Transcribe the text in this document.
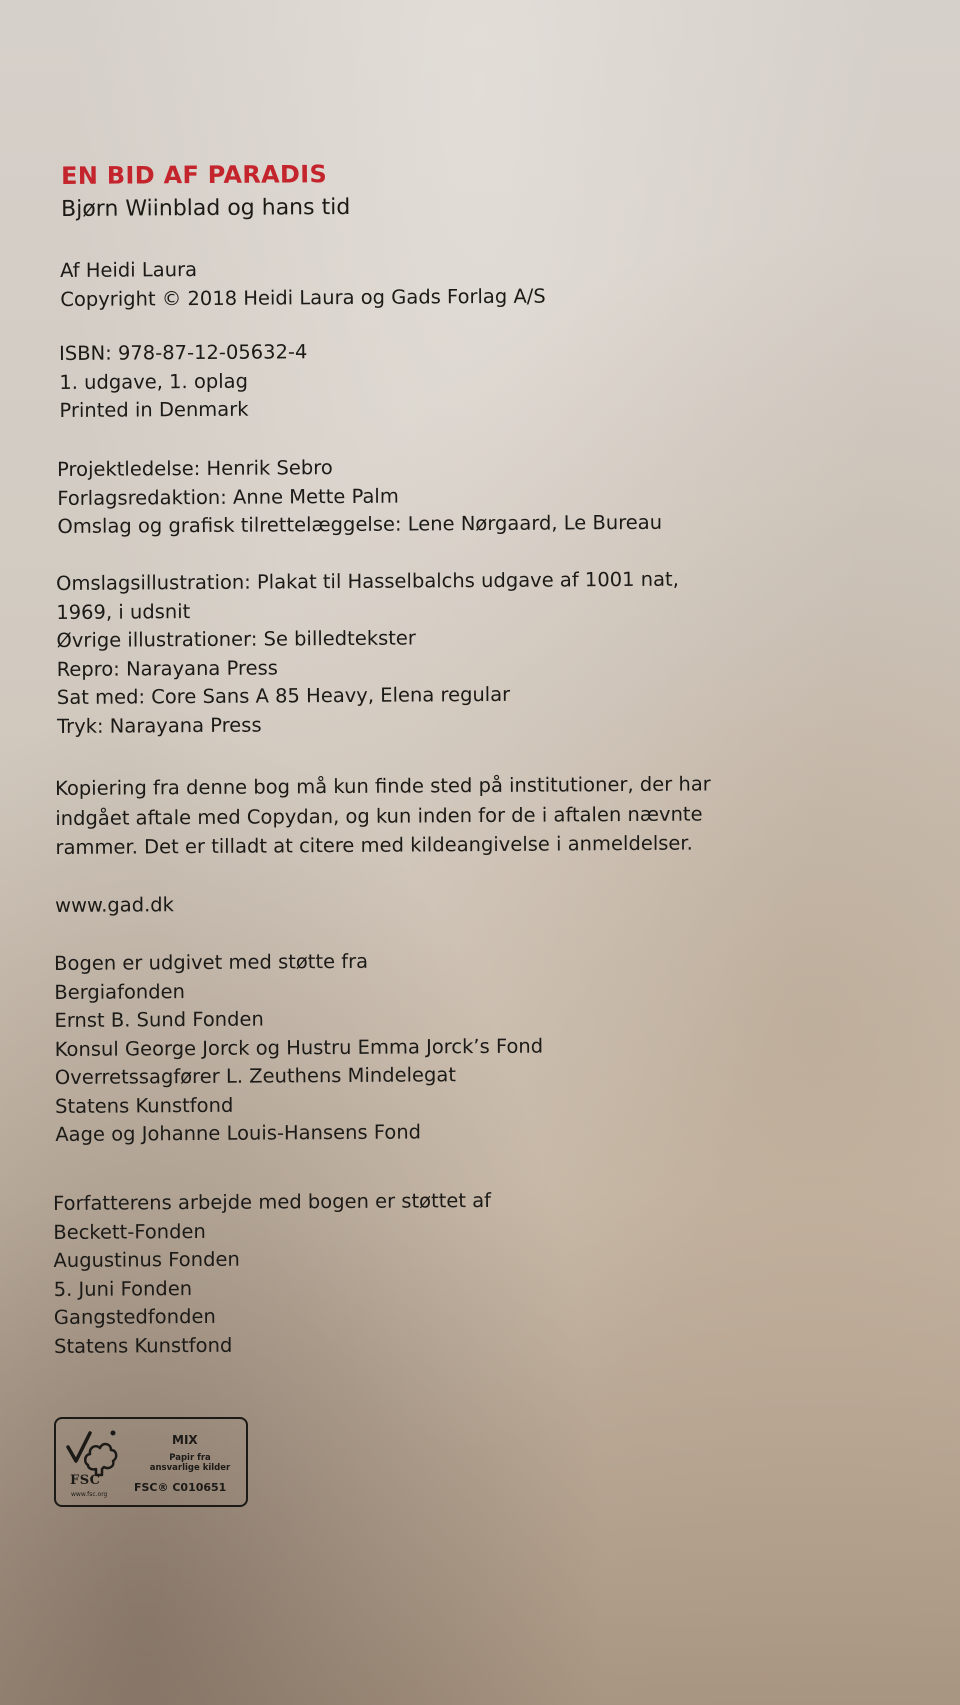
EN BID AF PARADIS
Bjørn Wiinblad og hans tid
Af Heidi Laura
Copyright © 2018 Heidi Laura og Gads Forlag A/S
ISBN: 978-87-12-05632-4
1. udgave, 1. oplag
Printed in Denmark
Projektledelse: Henrik Sebro
Forlagsredaktion: Anne Mette Palm
Omslag og grafisk tilrettelæggelse: Lene Nørgaard, Le Bureau
Omslagsillustration: Plakat til Hasselbalchs udgave af 1001 nat,
1969, i udsnit
Øvrige illustrationer: Se billedtekster
Repro: Narayana Press
Sat med: Core Sans A 85 Heavy, Elena regular
Tryk: Narayana Press
Kopiering fra denne bog må kun finde sted på institutioner, der har
indgået aftale med Copydan, og kun inden for de i aftalen nævnte
rammer. Det er tilladt at citere med kildeangivelse i anmeldelser.
www.gad.dk
Bogen er udgivet med støtte fra
Bergiafonden
Ernst B. Sund Fonden
Konsul George Jorck og Hustru Emma Jorck’s Fond
Overretssagfører L. Zeuthens Mindelegat
Statens Kunstfond
Aage og Johanne Louis-Hansens Fond
Forfatterens arbejde med bogen er støttet af
Beckett-Fonden
Augustinus Fonden
5. Juni Fonden
Gangstedfonden
Statens Kunstfond
FSC
www.fsc.org
MIX
Papir fra
ansvarlige kilder
FSC® C010651
